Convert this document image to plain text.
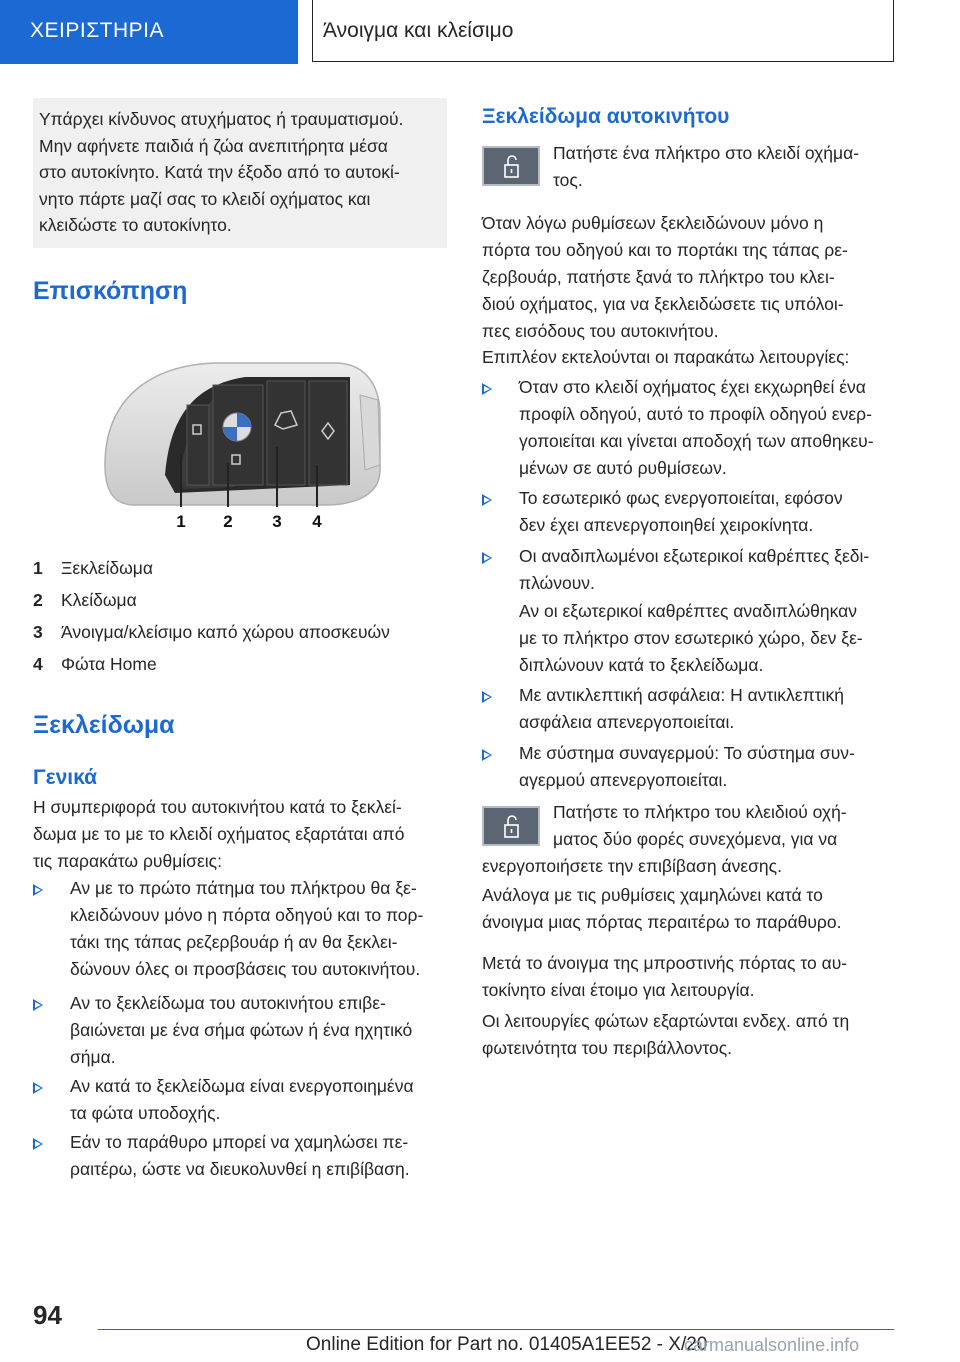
ΧΕΙΡΙΣΤΗΡΙΑ	Άνοιγμα και κλείσιμο
Υπάρχει κίνδυνος ατυχήματος ή τραυματισμού.
Μην αφήνετε παιδιά ή ζώα ανεπιτήρητα μέσα
στο αυτοκίνητο. Κατά την έξοδο από το αυτοκί-
νητο πάρτε μαζί σας το κλειδί οχήματος και
κλειδώστε το αυτοκίνητο.
Επισκόπηση
1 2 3 4
1	Ξεκλείδωμα
2	Κλείδωμα
3	Άνοιγμα/κλείσιμο καπό χώρου αποσκευών
4	Φώτα Home
Ξεκλείδωμα
Γενικά
Η συμπεριφορά του αυτοκινήτου κατά το ξεκλεί-
δωμα με το με το κλειδί οχήματος εξαρτάται από
τις παρακάτω ρυθμίσεις:
Αν με το πρώτο πάτημα του πλήκτρου θα ξε-
κλειδώνουν μόνο η πόρτα οδηγού και το πορ-
τάκι της τάπας ρεζερβουάρ ή αν θα ξεκλει-
δώνουν όλες οι προσβάσεις του αυτοκινήτου.
Αν το ξεκλείδωμα του αυτοκινήτου επιβε-
βαιώνεται με ένα σήμα φώτων ή ένα ηχητικό
σήμα.
Αν κατά το ξεκλείδωμα είναι ενεργοποιημένα
τα φώτα υποδοχής.
Εάν το παράθυρο μπορεί να χαμηλώσει πε-
ραιτέρω, ώστε να διευκολυνθεί η επιβίβαση.
Ξεκλείδωμα αυτοκινήτου
Πατήστε ένα πλήκτρο στο κλειδί οχήμα-
τος.
Όταν λόγω ρυθμίσεων ξεκλειδώνουν μόνο η
πόρτα του οδηγού και το πορτάκι της τάπας ρε-
ζερβουάρ, πατήστε ξανά το πλήκτρο του κλει-
διού οχήματος, για να ξεκλειδώσετε τις υπόλοι-
πες εισόδους του αυτοκινήτου.
Επιπλέον εκτελούνται οι παρακάτω λειτουργίες:
Όταν στο κλειδί οχήματος έχει εκχωρηθεί ένα
προφίλ οδηγού, αυτό το προφίλ οδηγού ενερ-
γοποιείται και γίνεται αποδοχή των αποθηκευ-
μένων σε αυτό ρυθμίσεων.
Το εσωτερικό φως ενεργοποιείται, εφόσον
δεν έχει απενεργοποιηθεί χειροκίνητα.
Οι αναδιπλωμένοι εξωτερικοί καθρέπτες ξεδι-
πλώνουν.
Αν οι εξωτερικοί καθρέπτες αναδιπλώθηκαν
με το πλήκτρο στον εσωτερικό χώρο, δεν ξε-
διπλώνουν κατά το ξεκλείδωμα.
Με αντικλεπτική ασφάλεια: Η αντικλεπτική
ασφάλεια απενεργοποιείται.
Με σύστημα συναγερμού: Το σύστημα συν-
αγερμού απενεργοποιείται.
Πατήστε το πλήκτρο του κλειδιού οχή-
ματος δύο φορές συνεχόμενα, για να
ενεργοποιήσετε την επιβίβαση άνεσης.
Ανάλογα με τις ρυθμίσεις χαμηλώνει κατά το
άνοιγμα μιας πόρτας περαιτέρω το παράθυρο.
Μετά το άνοιγμα της μπροστινής πόρτας το αυ-
τοκίνητο είναι έτοιμο για λειτουργία.
Οι λειτουργίες φώτων εξαρτώνται ενδεχ. από τη
φωτεινότητα του περιβάλλοντος.
94
Online Edition for Part no. 01405A1EE52 - X/20
carmanualsonline.info
